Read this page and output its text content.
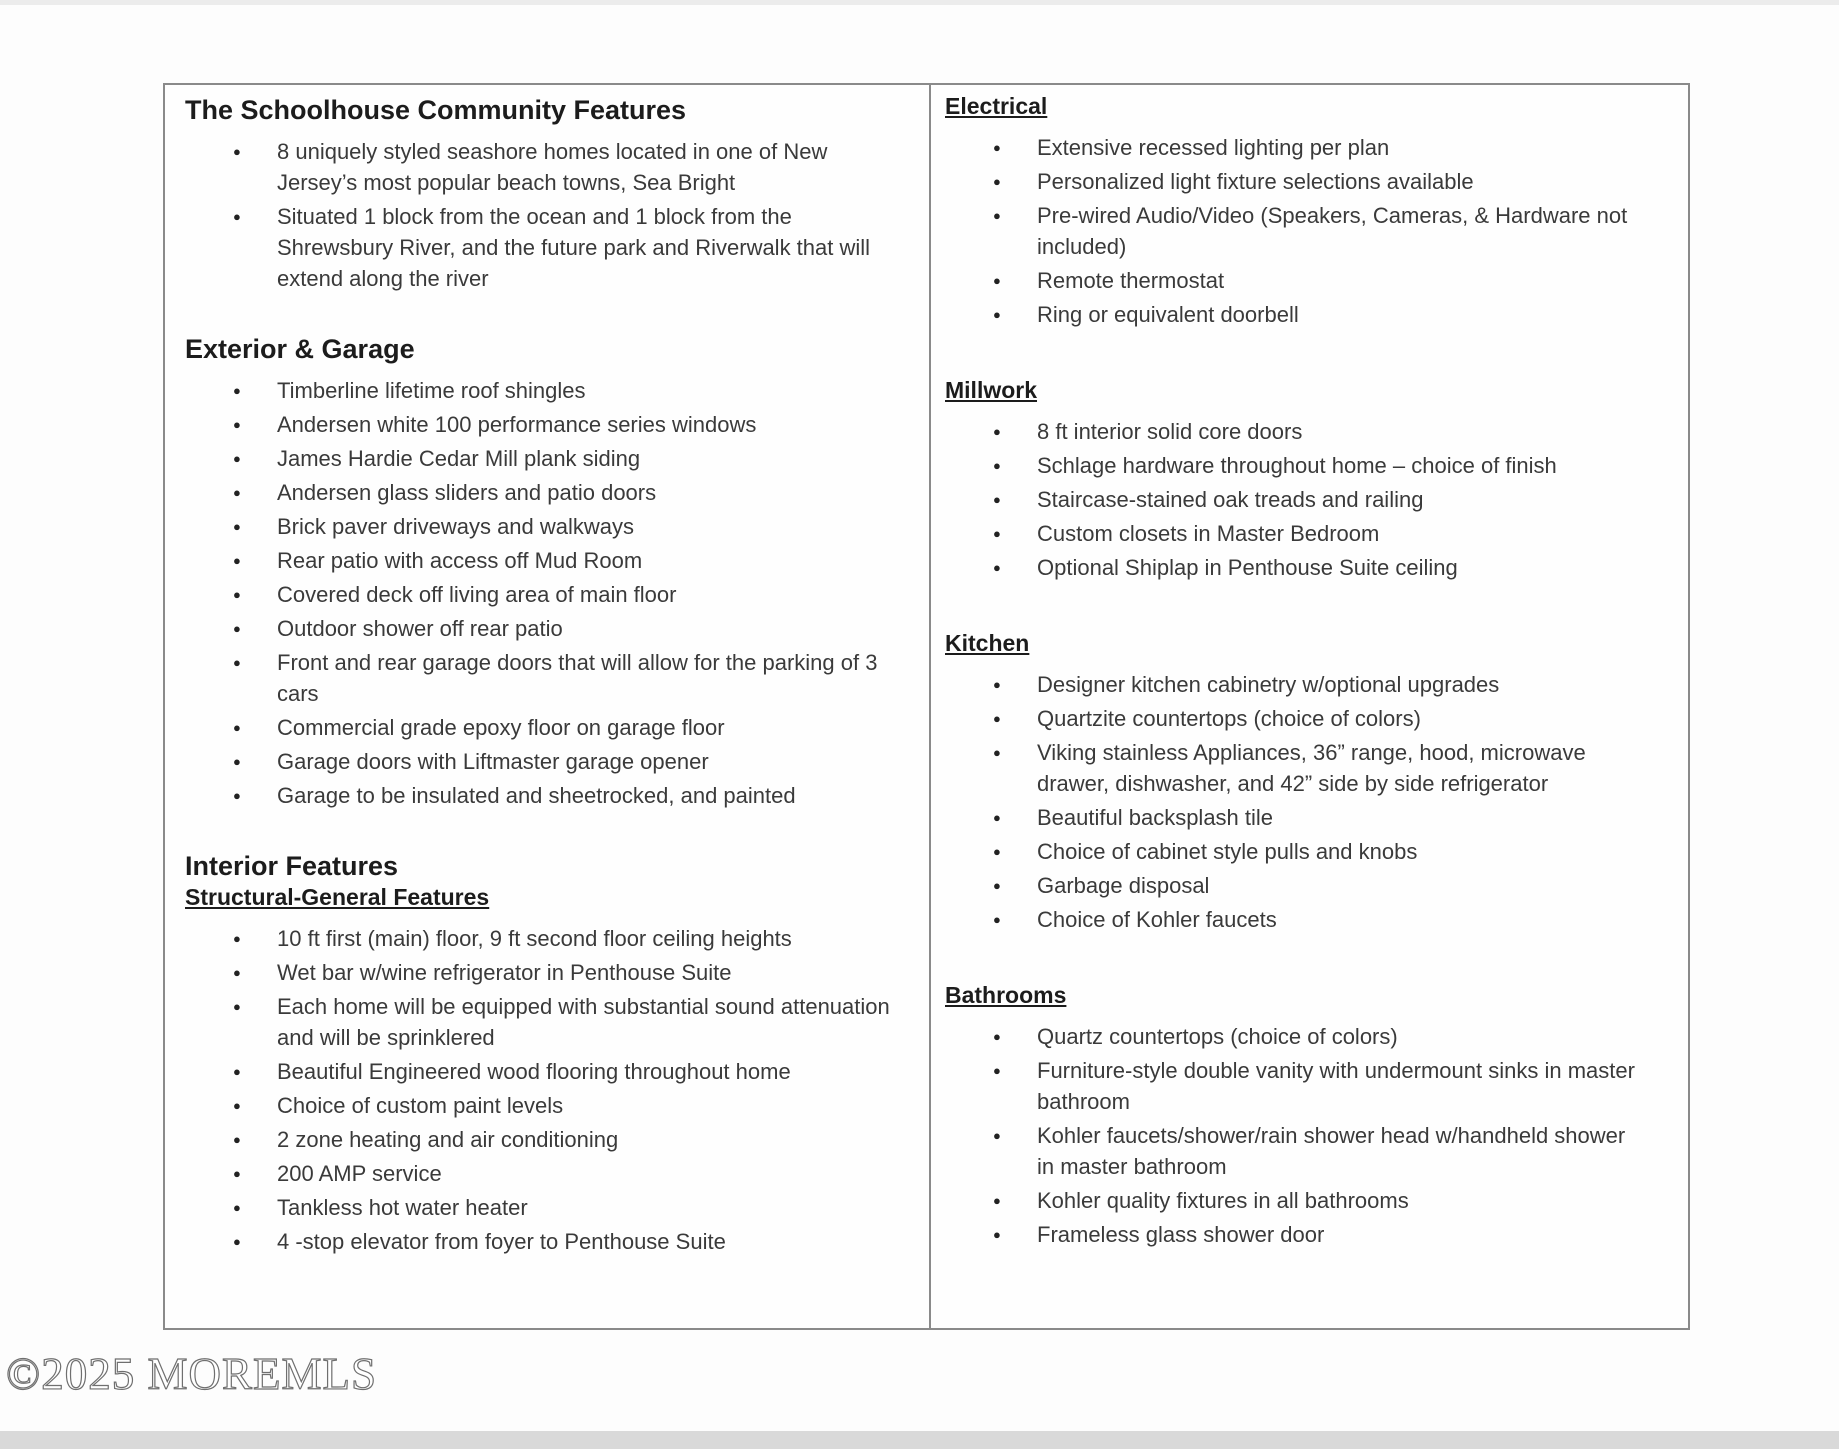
The Schoolhouse Community Features
● 8 uniquely styled seashore homes located in one of New Jersey’s most popular beach towns, Sea Bright
● Situated 1 block from the ocean and 1 block from the Shrewsbury River, and the future park and Riverwalk that will extend along the river
Exterior & Garage
● Timberline lifetime roof shingles
● Andersen white 100 performance series windows
● James Hardie Cedar Mill plank siding
● Andersen glass sliders and patio doors
● Brick paver driveways and walkways
● Rear patio with access off Mud Room
● Covered deck off living area of main floor
● Outdoor shower off rear patio
● Front and rear garage doors that will allow for the parking of 3 cars
● Commercial grade epoxy floor on garage floor
● Garage doors with Liftmaster garage opener
● Garage to be insulated and sheetrocked, and painted
Interior Features
Structural-General Features
● 10 ft first (main) floor, 9 ft second floor ceiling heights
● Wet bar w/wine refrigerator in Penthouse Suite
● Each home will be equipped with substantial sound attenuation and will be sprinklered
● Beautiful Engineered wood flooring throughout home
● Choice of custom paint levels
● 2 zone heating and air conditioning
● 200 AMP service
● Tankless hot water heater
● 4 -stop elevator from foyer to Penthouse Suite
Electrical
● Extensive recessed lighting per plan
● Personalized light fixture selections available
● Pre-wired Audio/Video (Speakers, Cameras, & Hardware not included)
● Remote thermostat
● Ring or equivalent doorbell
Millwork
● 8 ft interior solid core doors
● Schlage hardware throughout home – choice of finish
● Staircase-stained oak treads and railing
● Custom closets in Master Bedroom
● Optional Shiplap in Penthouse Suite ceiling
Kitchen
● Designer kitchen cabinetry w/optional upgrades
● Quartzite countertops (choice of colors)
● Viking stainless Appliances, 36” range, hood, microwave drawer, dishwasher, and 42” side by side refrigerator
● Beautiful backsplash tile
● Choice of cabinet style pulls and knobs
● Garbage disposal
● Choice of Kohler faucets
Bathrooms
● Quartz countertops (choice of colors)
● Furniture-style double vanity with undermount sinks in master bathroom
● Kohler faucets/shower/rain shower head w/handheld shower in master bathroom
● Kohler quality fixtures in all bathrooms
● Frameless glass shower door
©2025 MOREMLS
